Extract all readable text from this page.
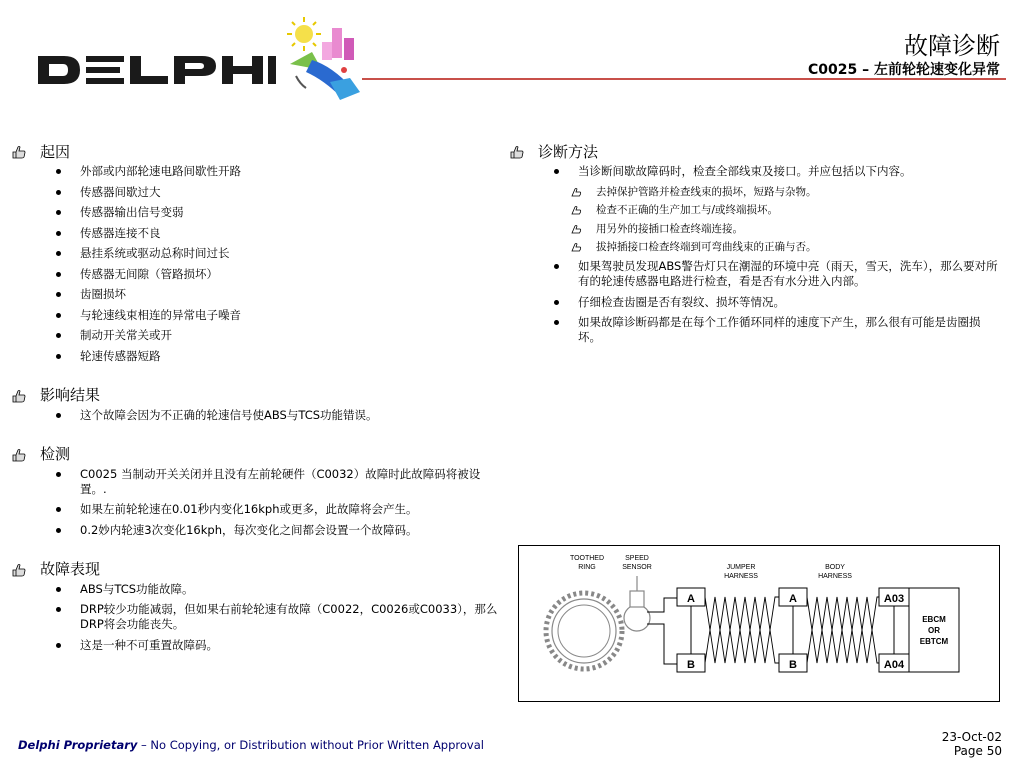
故障诊断
C0025 – 左前轮轮速变化异常
起因
外部或内部轮速电路间歇性开路
传感器间歇过大
传感器输出信号变弱
传感器连接不良
悬挂系统或驱动总称时间过长
传感器无间隙（管路损坏）
齿圈损坏
与轮速线束相连的异常电子噪音
制动开关常关或开
轮速传感器短路
影响结果
这个故障会因为不正确的轮速信号使ABS与TCS功能错误。
检测
C0025 当制动开关关闭并且没有左前轮硬件（C0032）故障时此故障码将被设置。.
如果左前轮轮速在0.01秒内变化16kph或更多，此故障将会产生。
0.2妙内轮速3次变化16kph，每次变化之间都会设置一个故障码。
故障表现
ABS与TCS功能故障。
DRP较少功能减弱，但如果右前轮轮速有故障（C0022，C0026或C0033），那么DRP将会功能丧失。
这是一种不可重置故障码。
诊断方法
当诊断间歇故障码时，检查全部线束及接口。并应包括以下内容。
去掉保护管路并检查线束的损坏，短路与杂物。
检查不正确的生产加工与/或终端损坏。
用另外的接插口检查终端连接。
拔掉插接口检查终端到可弯曲线束的正确与否。
如果驾驶员发现ABS警告灯只在潮湿的环境中亮（雨天，雪天，洗车），那么要对所有的轮速传感器电路进行检查，看是否有水分进入内部。
仔细检查齿圈是否有裂纹、损坏等情况。
如果故障诊断码都是在每个工作循环同样的速度下产生，那么很有可能是齿圈损坏。
TOOTHED
RING
SPEED
SENSOR	JUMPER
HARNESS
BODY
HARNESS
A
B
A
B
A03
A04
EBCM
OR
EBTCM
Delphi Proprietary – No Copying, or Distribution without Prior Written Approval
23-Oct-02
Page 50
